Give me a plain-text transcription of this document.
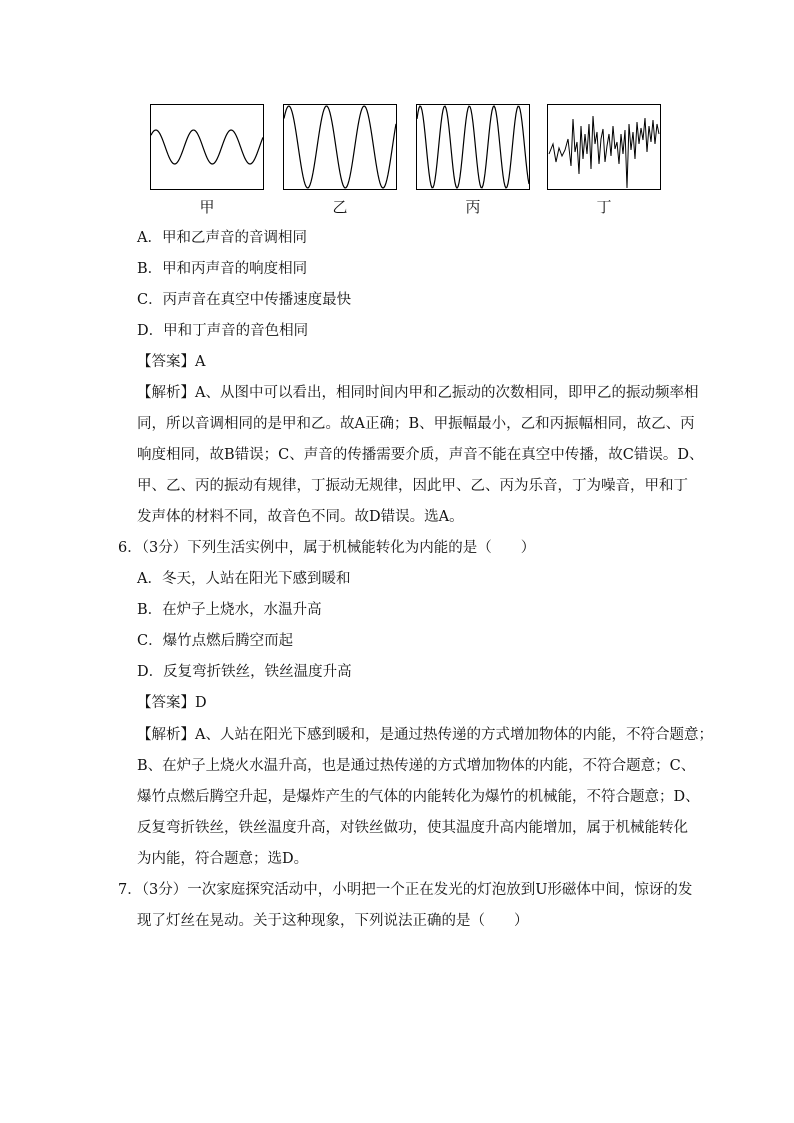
甲	乙	丙	丁
A．甲和乙声音的音调相同
B．甲和丙声音的响度相同
C．丙声音在真空中传播速度最快
D．甲和丁声音的音色相同
【答案】A
【解析】A、从图中可以看出，相同时间内甲和乙振动的次数相同，即甲乙的振动频率相
同，所以音调相同的是甲和乙。故A正确；B、甲振幅最小，乙和丙振幅相同，故乙、丙
响度相同，故B错误；C、声音的传播需要介质，声音不能在真空中传播，故C错误。D、
甲、乙、丙的振动有规律，丁振动无规律，因此甲、乙、丙为乐音，丁为噪音，甲和丁
发声体的材料不同，故音色不同。故D错误。选A。
6．（3分）下列生活实例中，属于机械能转化为内能的是（　　）
A．冬天，人站在阳光下感到暖和
B．在炉子上烧水，水温升高
C．爆竹点燃后腾空而起
D．反复弯折铁丝，铁丝温度升高
【答案】D
【解析】A、人站在阳光下感到暖和，是通过热传递的方式增加物体的内能，不符合题意；
B、在炉子上烧火水温升高，也是通过热传递的方式增加物体的内能，不符合题意；C、
爆竹点燃后腾空升起，是爆炸产生的气体的内能转化为爆竹的机械能，不符合题意；D、
反复弯折铁丝，铁丝温度升高，对铁丝做功，使其温度升高内能增加，属于机械能转化
为内能，符合题意；选D。
7．（3分）一次家庭探究活动中，小明把一个正在发光的灯泡放到U形磁体中间，惊讶的发
现了灯丝在晃动。关于这种现象，下列说法正确的是（　　）
